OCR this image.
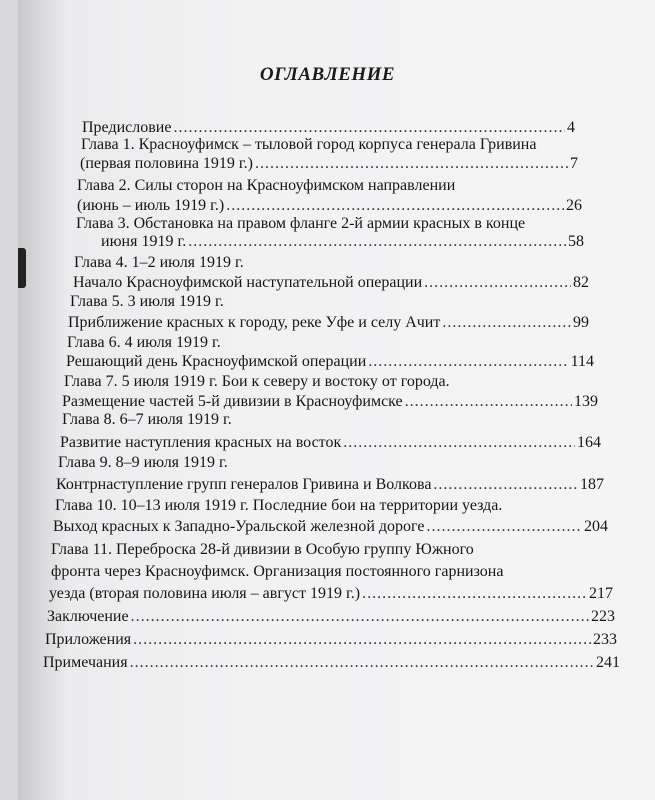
ОГЛАВЛЕНИЕ
Предисловие .....	4
Глава 1. Красноуфимск – тыловой город корпуса генерала Гривина
(первая половина 1919 г.) .....	7
Глава 2. Силы сторон на Красноуфимском направлении
(июнь – июль 1919 г.) .....	26
Глава 3. Обстановка на правом фланге 2-й армии красных в конце
июня 1919 г. .....	58
Глава 4. 1–2 июля 1919 г.
Начало Красноуфимской наступательной операции .....	82
Глава 5. 3 июля 1919 г.
Приближение красных к городу, реке Уфе и селу Ачит .....	99
Глава 6. 4 июля 1919 г.
Решающий день Красноуфимской операции .....	114
Глава 7. 5 июля 1919 г. Бои к северу и востоку от города.
Размещение частей 5-й дивизии в Красноуфимске .....	139
Глава 8. 6–7 июля 1919 г.
Развитие наступления красных на восток .....	164
Глава 9. 8–9 июля 1919 г.
Контрнаступление групп генералов Гривина и Волкова .....	187
Глава 10. 10–13 июля 1919 г. Последние бои на территории уезда.
Выход красных к Западно-Уральской железной дороге .....	204
Глава 11. Переброска 28-й дивизии в Особую группу Южного
фронта через Красноуфимск. Организация постоянного гарнизона
уезда (вторая половина июля – август 1919 г.) .....	217
Заключение .....	223
Приложения .....	233
Примечания .....	241
